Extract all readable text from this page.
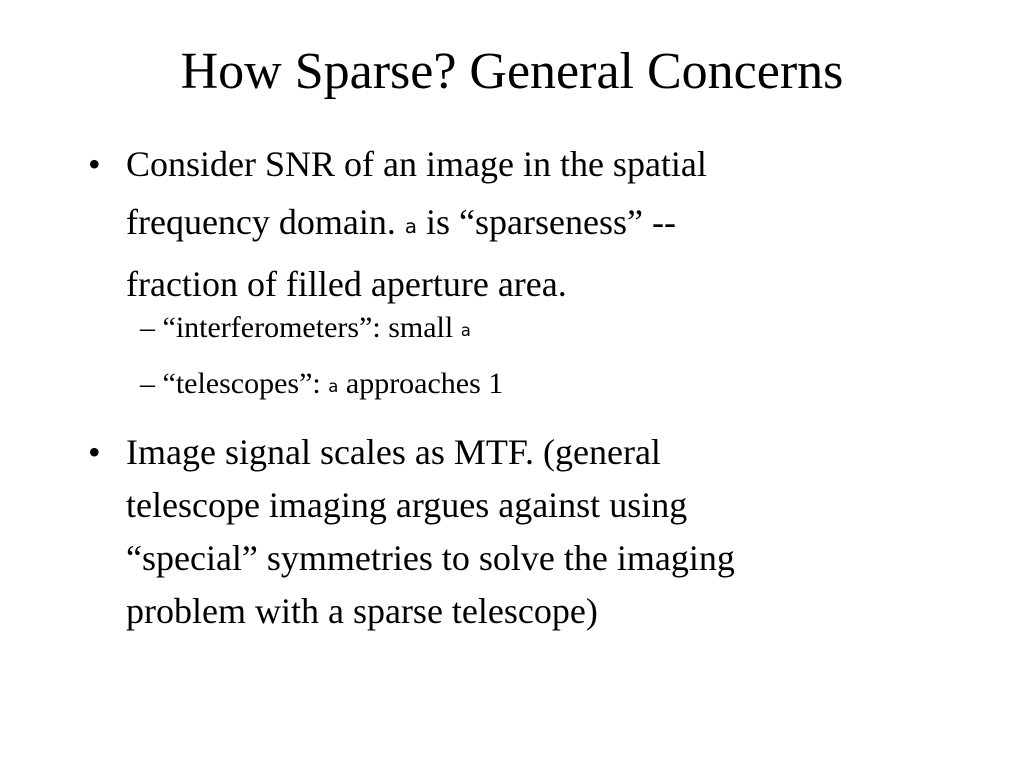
How Sparse? General Concerns
• Consider SNR of an image in the spatial
frequency domain. a is “sparseness” --
fraction of filled aperture area.
– “interferometers”: small a
– “telescopes”: a approaches 1
• Image signal scales as MTF. (general
telescope imaging argues against using
“special” symmetries to solve the imaging
problem with a sparse telescope)
